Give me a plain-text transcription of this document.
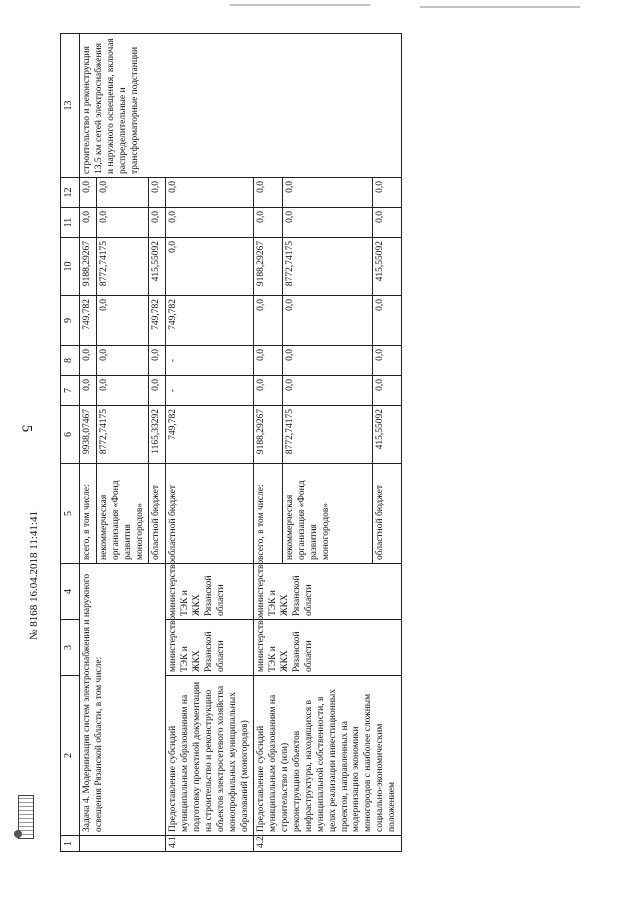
5
1	2	3	4	5	6	7	8	9	10	11	12	13
	Задача 4. Модернизация систем электроснабжения и наружного освещения Рязанской области, в том числе:			всего, в том числе:	9938,07467	0,0	0,0	749,782	9188,29267	0,0	0,0	строительство и реконструкция 13,5 км сетей электроснабжения и наружного освещения, включая распределительные и трансформаторные подстанции
				некоммерческая организация «Фонд развития моногородов»	8772,74175	0,0	0,0	0,0	8772,74175	0,0	0,0	
				областной бюджет	1165,33292	0,0	0,0	749,782	415,55092	0,0	0,0	
4.1	Предоставление субсидий муниципальным образованиям на подготовку проектной документации на строительство и реконструкцию объектов электросетевого хозяйства монопрофильных муниципальных образований (моногородов)	министерство ТЭК и ЖКХ Рязанской области	министерство ТЭК и ЖКХ Рязанской области	областной бюджет	749,782	-	-	749,782	0,0	0,0	0,0	
4.2	Предоставление субсидий муниципальным образованиям на строительство и (или) реконструкцию объектов инфраструктуры, находящихся в муниципальной собственности, в целях реализации инвестиционных проектов, направленных на модернизацию экономики моногородов с наиболее сложным социально-экономическим положением	министерство ТЭК и ЖКХ Рязанской области	министерство ТЭК и ЖКХ Рязанской области	всего, в том числе:	9188,29267	0,0	0,0	0,0	9188,29267	0,0	0,0	
				некоммерческая организация «Фонд развития моногородов»	8772,74175	0,0	0,0	0,0	8772,74175	0,0	0,0	
				областной бюджет	415,55092	0,0	0,0	0,0	415,55092	0,0	0,0	
№ 8168 16.04.2018 11:41:41
